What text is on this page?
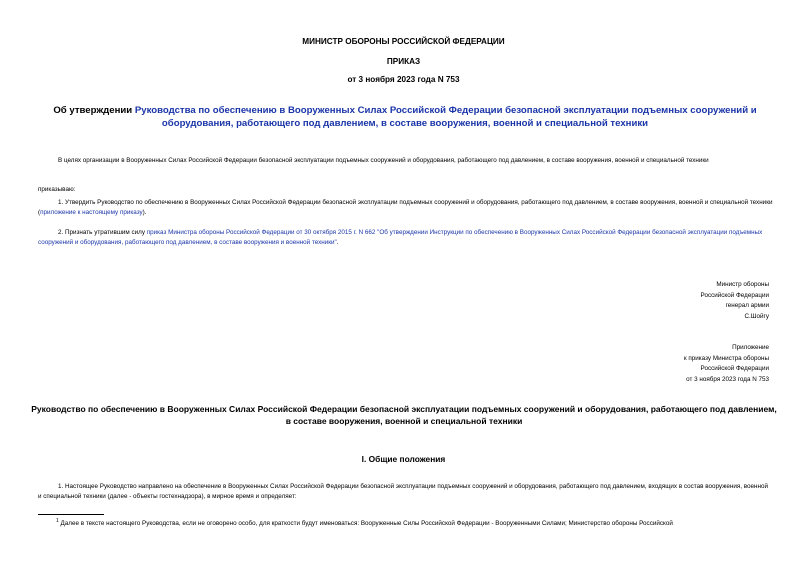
МИНИСТР ОБОРОНЫ РОССИЙСКОЙ ФЕДЕРАЦИИ
ПРИКАЗ
от 3 ноября 2023 года N 753
Об утверждении Руководства по обеспечению в Вооруженных Силах Российской Федерации безопасной эксплуатации подъемных сооружений и оборудования, работающего под давлением, в составе вооружения, военной и специальной техники
В целях организации в Вооруженных Силах Российской Федерации безопасной эксплуатации подъемных сооружений и оборудования, работающего под давлением, в составе вооружения, военной и специальной техники
приказываю:
1. Утвердить Руководство по обеспечению в Вооруженных Силах Российской Федерации безопасной эксплуатации подъемных сооружений и оборудования, работающего под давлением, в составе вооружения, военной и специальной техники (приложение к настоящему приказу).
2. Признать утратившим силу приказ Министра обороны Российской Федерации от 30 октября 2015 г. N 662 "Об утверждении Инструкции по обеспечению в Вооруженных Силах Российской Федерации безопасной эксплуатации подъемных сооружений и оборудования, работающего под давлением, в составе вооружения и военной техники".
Министр обороны
Российской Федерации
генерал армии
С.Шойгу
Приложение
к приказу Министра обороны
Российской Федерации
от 3 ноября 2023 года N 753
Руководство по обеспечению в Вооруженных Силах Российской Федерации безопасной эксплуатации подъемных сооружений и оборудования, работающего под давлением, в составе вооружения, военной и специальной техники
I. Общие положения
1. Настоящее Руководство направлено на обеспечение в Вооруженных Силах Российской Федерации безопасной эксплуатации подъемных сооружений и оборудования, работающего под давлением, входящих в состав вооружения, военной и специальной техники (далее - объекты гостехнадзора), в мирное время и определяет:
$^1$ Далее в тексте настоящего Руководства, если не оговорено особо, для краткости будут именоваться: Вооруженные Силы Российской Федерации - Вооруженными Силами; Министерство обороны Российской
